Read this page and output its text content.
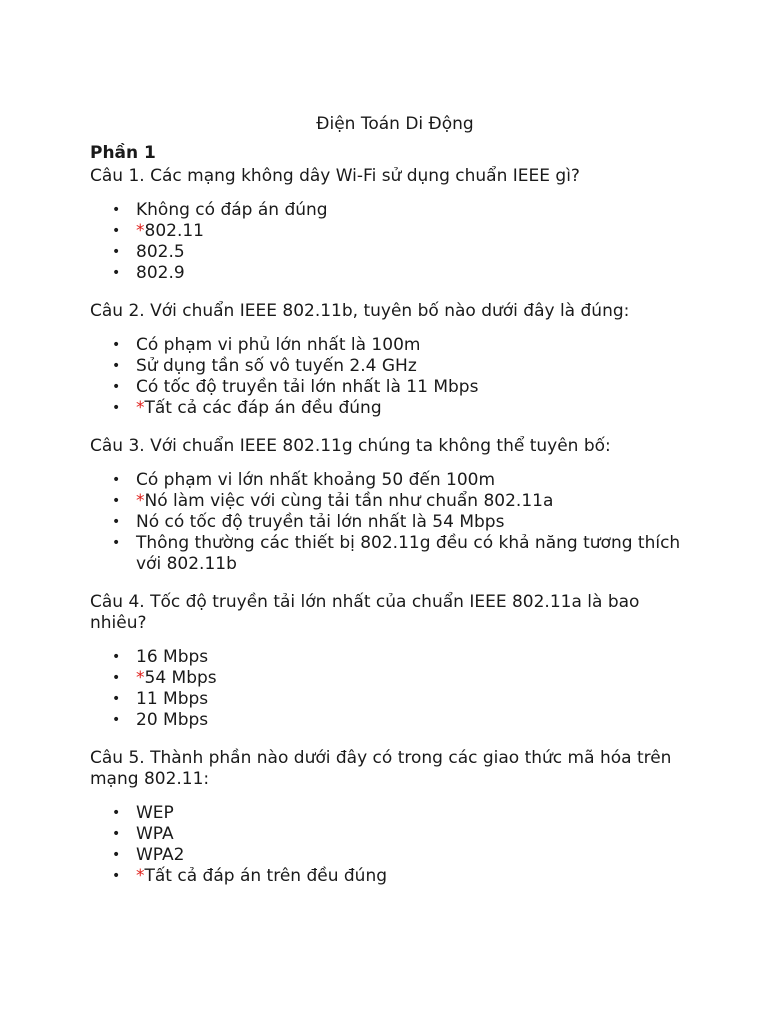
Điện Toán Di Động
Phần 1
Câu 1. Các mạng không dây Wi-Fi sử dụng chuẩn IEEE gì?
• Không có đáp án đúng
• *802.11
• 802.5
• 802.9
Câu 2. Với chuẩn IEEE 802.11b, tuyên bố nào dưới đây là đúng:
• Có phạm vi phủ lớn nhất là 100m
• Sử dụng tần số vô tuyến 2.4 GHz
• Có tốc độ truyền tải lớn nhất là 11 Mbps
• *Tất cả các đáp án đều đúng
Câu 3. Với chuẩn IEEE 802.11g chúng ta không thể tuyên bố:
• Có phạm vi lớn nhất khoảng 50 đến 100m
• *Nó làm việc với cùng tải tần như chuẩn 802.11a
• Nó có tốc độ truyền tải lớn nhất là 54 Mbps
• Thông thường các thiết bị 802.11g đều có khả năng tương thích với 802.11b
Câu 4. Tốc độ truyền tải lớn nhất của chuẩn IEEE 802.11a là bao nhiêu?
• 16 Mbps
• *54 Mbps
• 11 Mbps
• 20 Mbps
Câu 5. Thành phần nào dưới đây có trong các giao thức mã hóa trên mạng 802.11:
• WEP
• WPA
• WPA2
• *Tất cả đáp án trên đều đúng
